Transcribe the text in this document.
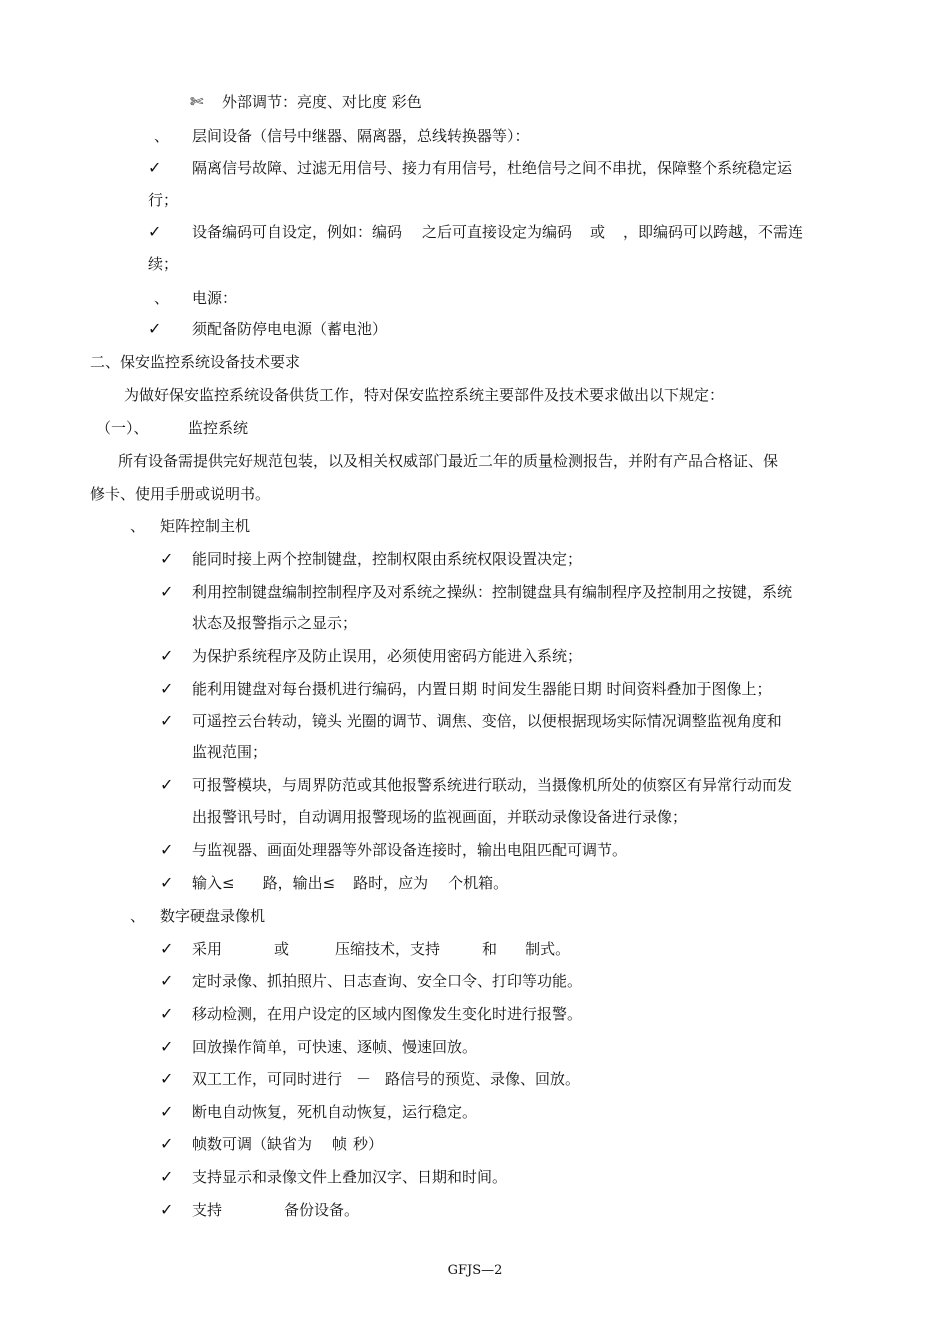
✄ 外部调节：亮度、对比度 彩色
、 层间设备（信号中继器、隔离器，总线转换器等）：
✓ 隔离信号故障、过滤无用信号、接力有用信号，杜绝信号之间不串扰，保障整个系统稳定运
行；
✓ 设备编码可自设定，例如：编码 之后可直接设定为编码 或 ，即编码可以跨越，不需连
续；
、 电源：
✓ 须配备防停电电源（蓄电池）
二、保安监控系统设备技术要求
为做好保安监控系统设备供货工作，特对保安监控系统主要部件及技术要求做出以下规定：
（一）、	监控系统
所有设备需提供完好规范包装，以及相关权威部门最近二年的质量检测报告，并附有产品合格证、保
修卡、使用手册或说明书。
、 矩阵控制主机
✓ 能同时接上两个控制键盘，控制权限由系统权限设置决定；
✓ 利用控制键盘编制控制程序及对系统之操纵：控制键盘具有编制程序及控制用之按键，系统
状态及报警指示之显示；
✓ 为保护系统程序及防止误用，必须使用密码方能进入系统；
✓ 能利用键盘对每台摄机进行编码，内置日期 时间发生器能日期 时间资料叠加于图像上；
✓ 可遥控云台转动，镜头 光圈的调节、调焦、变倍，以便根据现场实际情况调整监视角度和
监视范围；
✓ 可报警模块，与周界防范或其他报警系统进行联动，当摄像机所处的侦察区有异常行动而发
出报警讯号时，自动调用报警现场的监视画面，并联动录像设备进行录像；
✓ 与监视器、画面处理器等外部设备连接时，输出电阻匹配可调节。
✓ 输入≤ 路，输出≤ 路时，应为 个机箱。
、 数字硬盘录像机
✓ 采用	或	压缩技术，支持	和 制式。
✓ 定时录像、抓拍照片、日志查询、安全口令、打印等功能。
✓ 移动检测，在用户设定的区域内图像发生变化时进行报警。
✓ 回放操作简单，可快速、逐帧、慢速回放。
✓ 双工工作，可同时进行 － 路信号的预览、录像、回放。
✓ 断电自动恢复，死机自动恢复，运行稳定。
✓ 帧数可调（缺省为 帧 秒）
✓ 支持显示和录像文件上叠加汉字、日期和时间。
✓ 支持	备份设备。
GFJS—2
